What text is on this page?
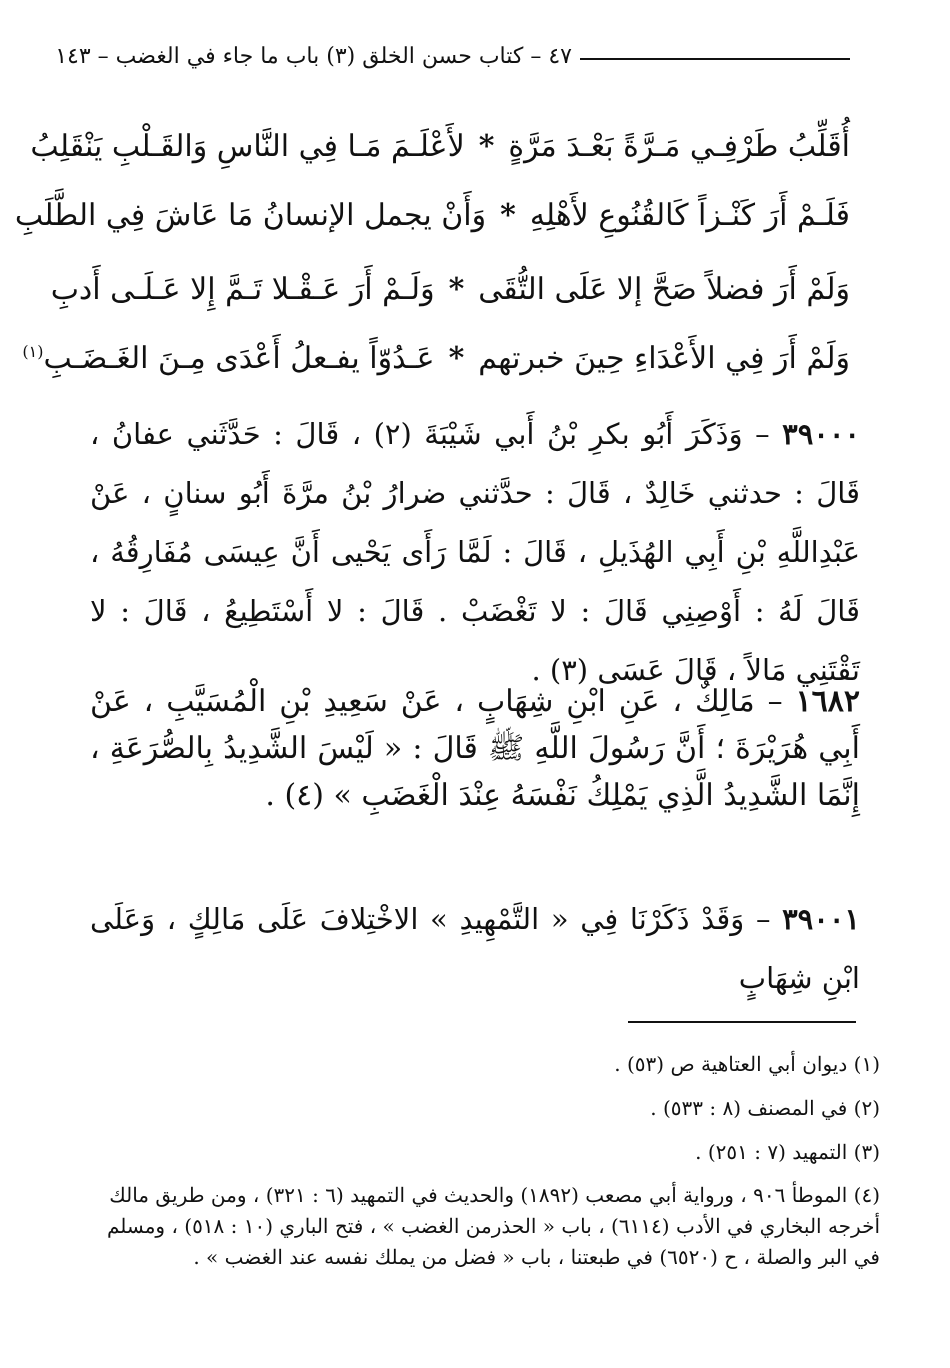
٤٧ – كتاب حسن الخلق (٣) باب ما جاء في الغضب – ١٤٣
أُقَلِّبُ طَرْفِـي مَـرَّةً بَعْـدَ مَرَّةٍ
*
لأَعْلَـمَ مَـا فِي النَّاسِ وَالقَـلْبِ يَنْقَلِبُ
فَلَـمْ أَرَ كَنْـزاً كَالقُنُوعِ لأَهْلِهِ
*
وَأَنْ يجمل الإنسانُ مَا عَاشَ فِي الطَّلَبِ
وَلَمْ أَرَ فضلاً صَحَّ إلا عَلَى التُّقَى
*
وَلَـمْ أَرَ عَـقْـلا تَـمَّ إِلا عَـلَـى أَدبِ
وَلَمْ أَرَ فِي الأَعْدَاءِ حِينَ خبرتهم
*
عَـدُوّاً يفـعلُ أَعْدَى مِـنَ الغَـضَـبِ$^{(١)}$
٣٩٠٠٠ – وَذَكَرَ أَبُو بكرِ بْنُ أَبي شَيْبَةَ (٢) ، قَالَ : حَدَّثَني عفانُ ، قَالَ : حدثني خَالِدٌ ، قَالَ : حدَّثني ضرارُ بْنُ مرَّةَ أَبُو سنانٍ ، عَنْ عَبْدِاللَّهِ بْنِ أَبِي الهُذَيلِ ، قَالَ : لَمَّا رَأَى يَحْيى أَنَّ عِيسَى مُفَارِقُهُ ، قَالَ لَهُ : أَوْصِنِي قَالَ : لا تَغْضَبْ . قَالَ : لا أَسْتَطِيعُ ، قَالَ : لا تَقْتَنِي مَالاً ، قَالَ عَسَى (٣) .
١٦٨٢ – مَالِكٌ ، عَنِ ابْنِ شِهَابٍ ، عَنْ سَعِيدِ بْنِ الْمُسَيَّبِ ، عَنْ أَبِي هُرَيْرَةَ ؛ أَنَّ رَسُولَ اللَّهِ ﷺ قَالَ : « لَيْسَ الشَّدِيدُ بِالصُّرَعَةِ ، إِنَّمَا الشَّدِيدُ الَّذِي يَمْلِكُ نَفْسَهُ عِنْدَ الْغَضَبِ » (٤) .
٣٩٠٠١ – وَقَدْ ذَكَرْنَا فِي « التَّمْهِيدِ » الاخْتِلافَ عَلَى مَالِكٍ ، وَعَلَى ابْنِ شِهَابٍ
(١) ديوان أبي العتاهية ص (٥٣) .
(٢) في المصنف (٨ : ٥٣٣) .
(٣) التمهيد (٧ : ٢٥١) .
(٤) الموطأ ٩٠٦ ، ورواية أبي مصعب (١٨٩٢) والحديث في التمهيد (٦ : ٣٢١) ، ومن طريق مالك أخرجه البخاري في الأدب (٦١١٤) ، باب « الحذرمن الغضب » ، فتح الباري (١٠ : ٥١٨) ، ومسلم في البر والصلة ، ح (٦٥٢٠) في طبعتنا ، باب « فضل من يملك نفسه عند الغضب » .
